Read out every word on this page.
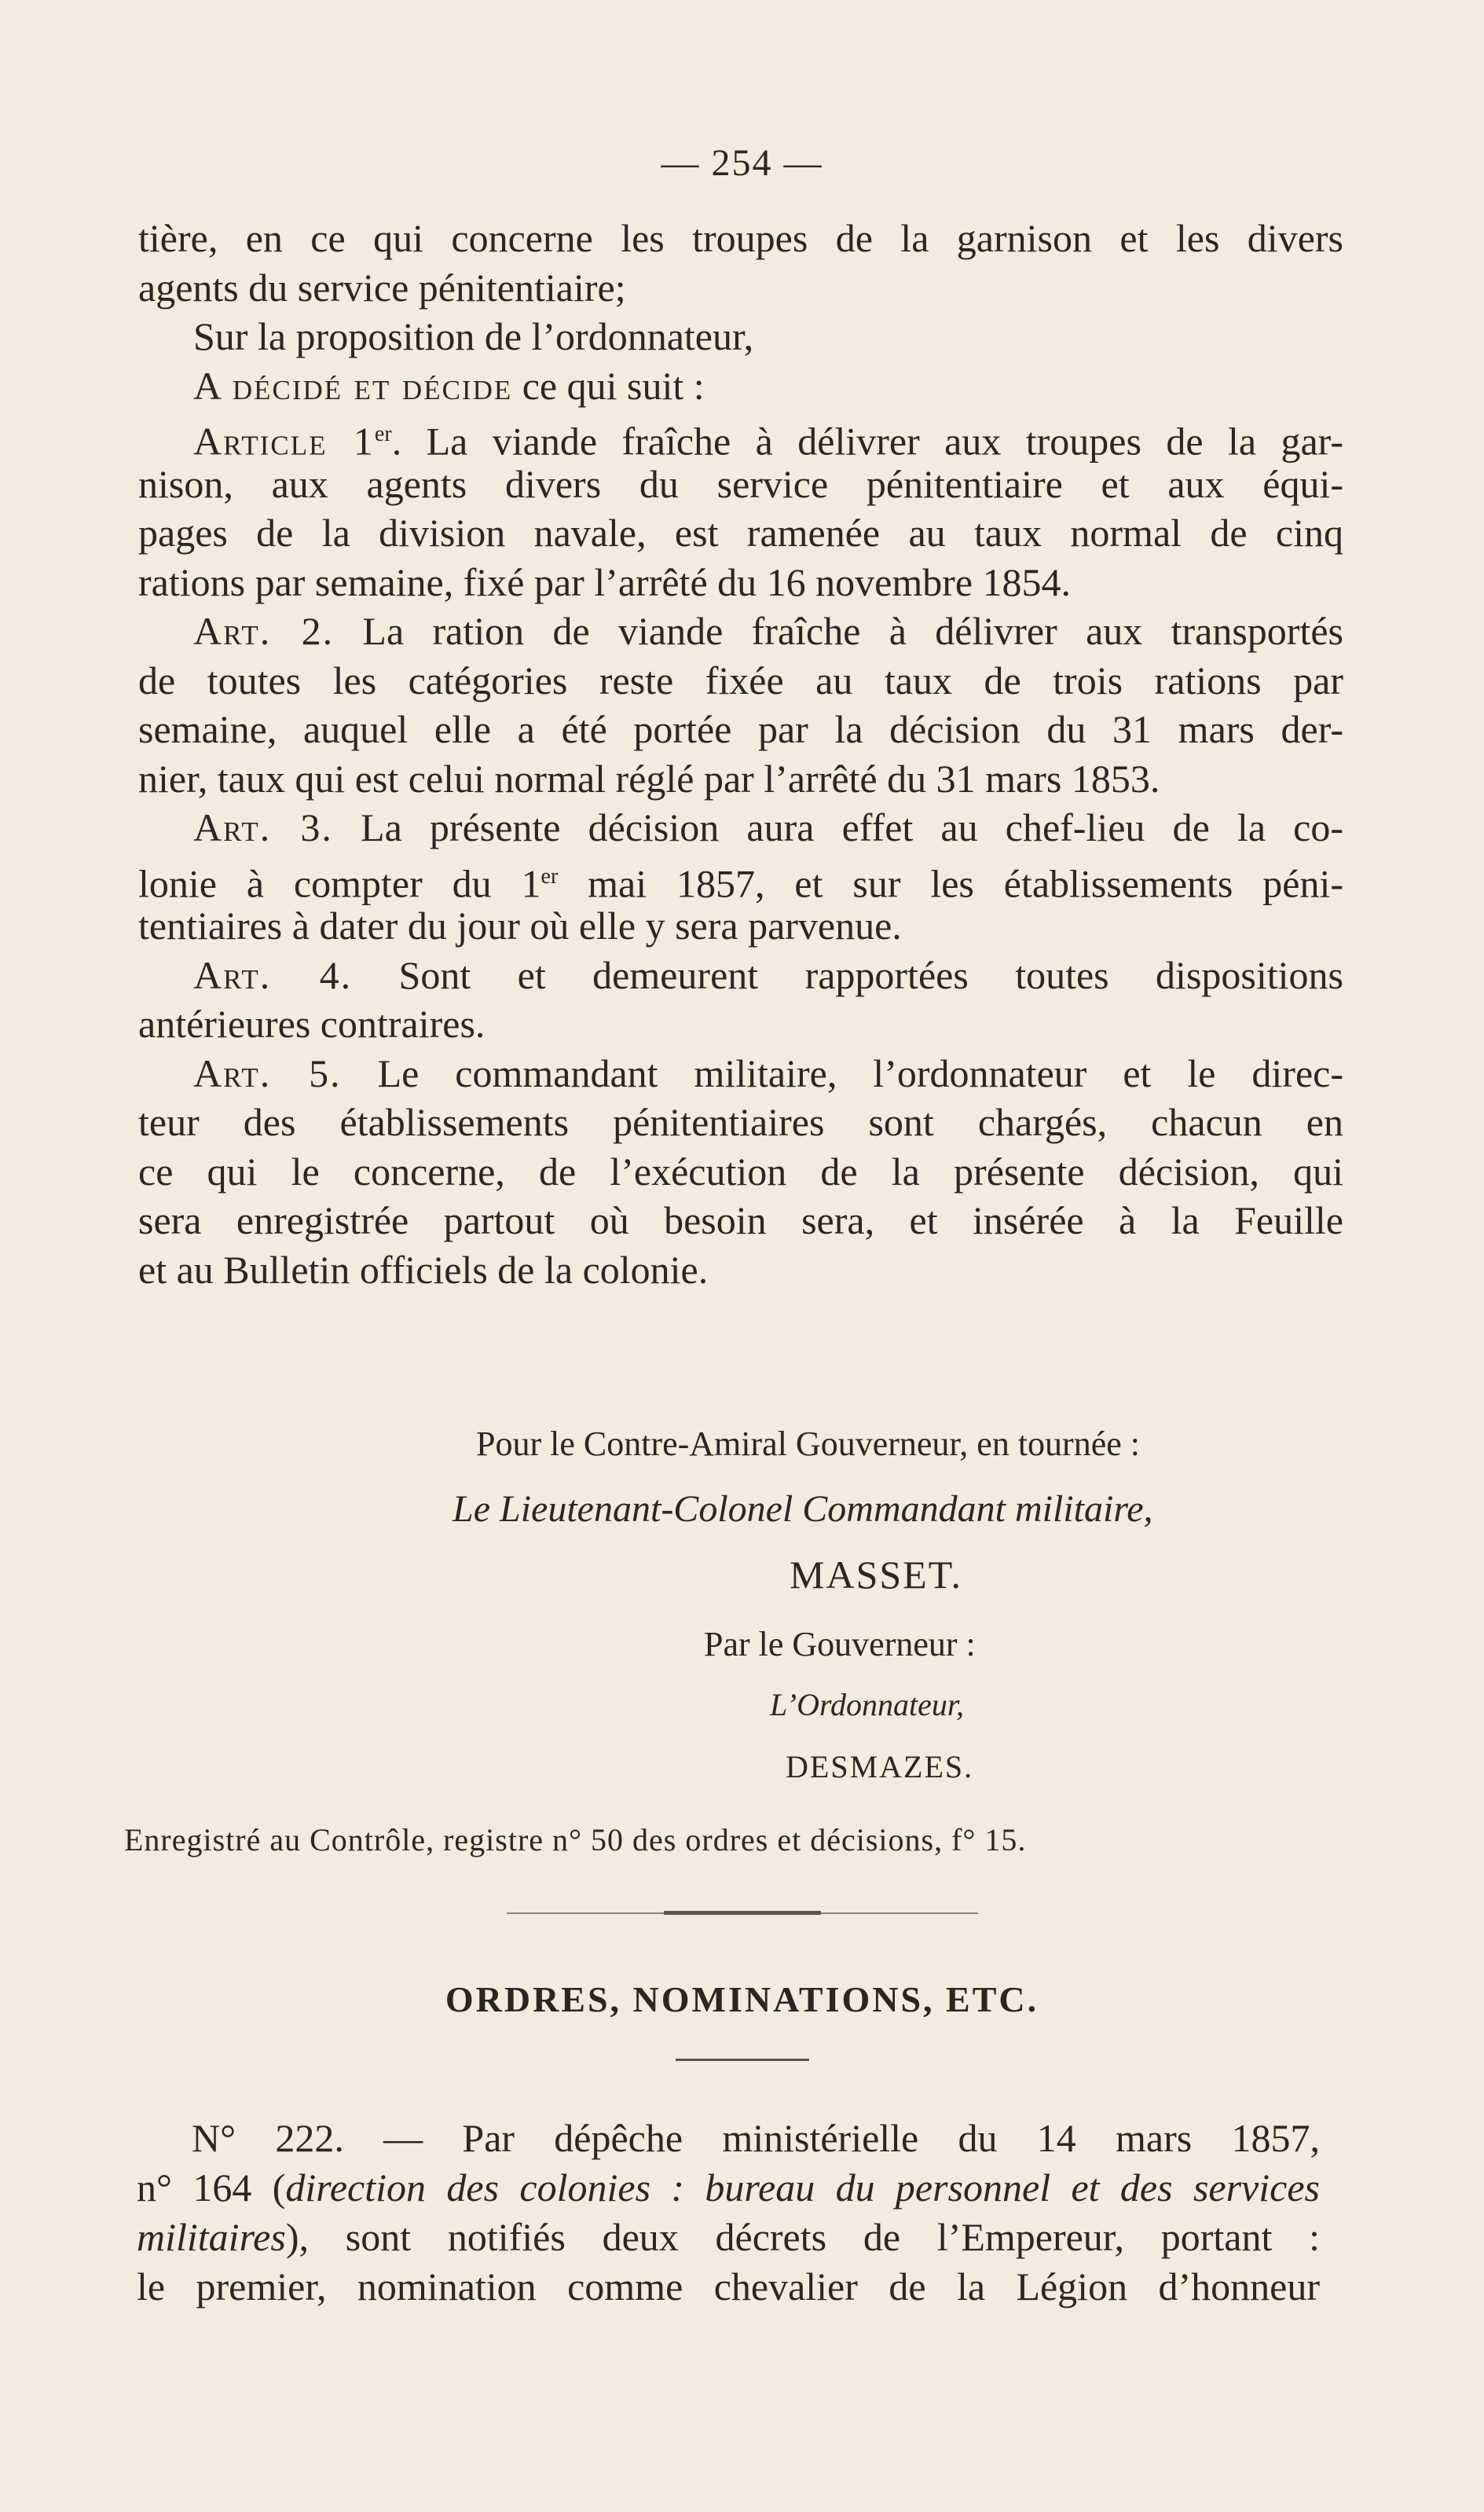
— 254 —
tière, en ce qui concerne les troupes de la garnison et les divers
agents du service pénitentiaire;
Sur la proposition de l’ordonnateur,
A décidé et décide ce qui suit :
Article 1er. La viande fraîche à délivrer aux troupes de la gar-
nison, aux agents divers du service pénitentiaire et aux équi-
pages de la division navale, est ramenée au taux normal de cinq
rations par semaine, fixé par l’arrêté du 16 novembre 1854.
Art. 2. La ration de viande fraîche à délivrer aux transportés
de toutes les catégories reste fixée au taux de trois rations par
semaine, auquel elle a été portée par la décision du 31 mars der-
nier, taux qui est celui normal réglé par l’arrêté du 31 mars 1853.
Art. 3. La présente décision aura effet au chef-lieu de la co-
lonie à compter du 1er mai 1857, et sur les établissements péni-
tentiaires à dater du jour où elle y sera parvenue.
Art. 4. Sont et demeurent rapportées toutes dispositions
antérieures contraires.
Art. 5. Le commandant militaire, l’ordonnateur et le direc-
teur des établissements pénitentiaires sont chargés, chacun en
ce qui le concerne, de l’exécution de la présente décision, qui
sera enregistrée partout où besoin sera, et insérée à la Feuille
et au Bulletin officiels de la colonie.
Pour le Contre-Amiral Gouverneur, en tournée :
Le Lieutenant-Colonel Commandant militaire,
MASSET.
Par le Gouverneur :
L’Ordonnateur,
DESMAZES.
Enregistré au Contrôle, registre n° 50 des ordres et décisions, f° 15.
ORDRES, NOMINATIONS, ETC.
N° 222. — Par dépêche ministérielle du 14 mars 1857,
n° 164 (direction des colonies : bureau du personnel et des services
militaires), sont notifiés deux décrets de l’Empereur, portant :
le premier, nomination comme chevalier de la Légion d’honneur
